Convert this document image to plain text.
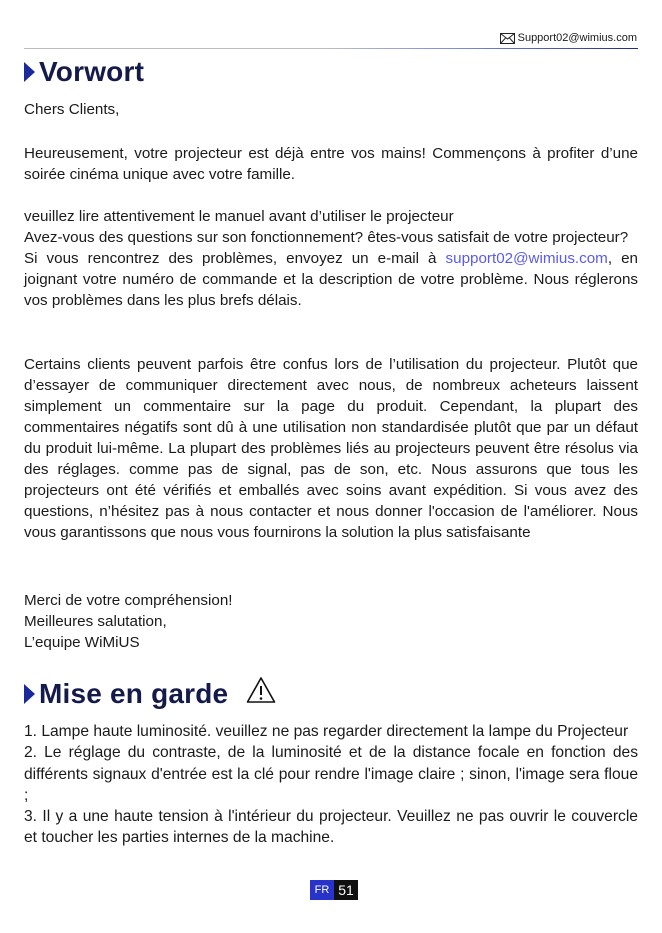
Support02@wimius.com
Vorwort

Chers Clients,

Heureusement, votre projecteur est déjà entre vos mains! Commençons à profiter d’une soirée cinéma unique avec votre famille.

veuillez lire attentivement le manuel avant d’utiliser le projecteur

Avez-vous des questions sur son fonctionnement? êtes-vous satisfait de votre projecteur?

Si vous rencontrez des problèmes, envoyez un e-mail à support02@wimius.com, en joignant votre numéro de commande et la description de votre problème. Nous réglerons vos problèmes dans les plus brefs délais.

Certains clients peuvent parfois être confus lors de l’utilisation du projecteur. Plutôt que d’essayer de communiquer directement avec nous, de nombreux acheteurs laissent simplement un commentaire sur la page du produit. Cependant, la plupart des commentaires négatifs sont dû à une utilisation non standardisée plutôt que par un défaut du produit lui-même. La plupart des problèmes liés au projecteurs peuvent être résolus via des réglages. comme pas de signal, pas de son, etc. Nous assurons que tous les projecteurs ont été vérifiés et emballés avec soins avant expédition. Si vous avez des questions, n’hésitez pas à nous contacter et nous donner l'occasion de l'améliorer. Nous vous garantissons que nous vous fournirons la solution la plus satisfaisante

Merci de votre compréhension!

Meilleures salutation,

L’equipe WiMiUS

Mise en garde

1. Lampe haute luminosité. veuillez ne pas regarder directement la lampe du Projecteur

2. Le réglage du contraste, de la luminosité et de la distance focale en fonction des différents signaux d'entrée est la clé pour rendre l'image claire ; sinon, l'image sera floue ;

3. Il y a une haute tension à l'intérieur du projecteur. Veuillez ne pas ouvrir le couvercle et toucher les parties internes de la machine.

FR 51
